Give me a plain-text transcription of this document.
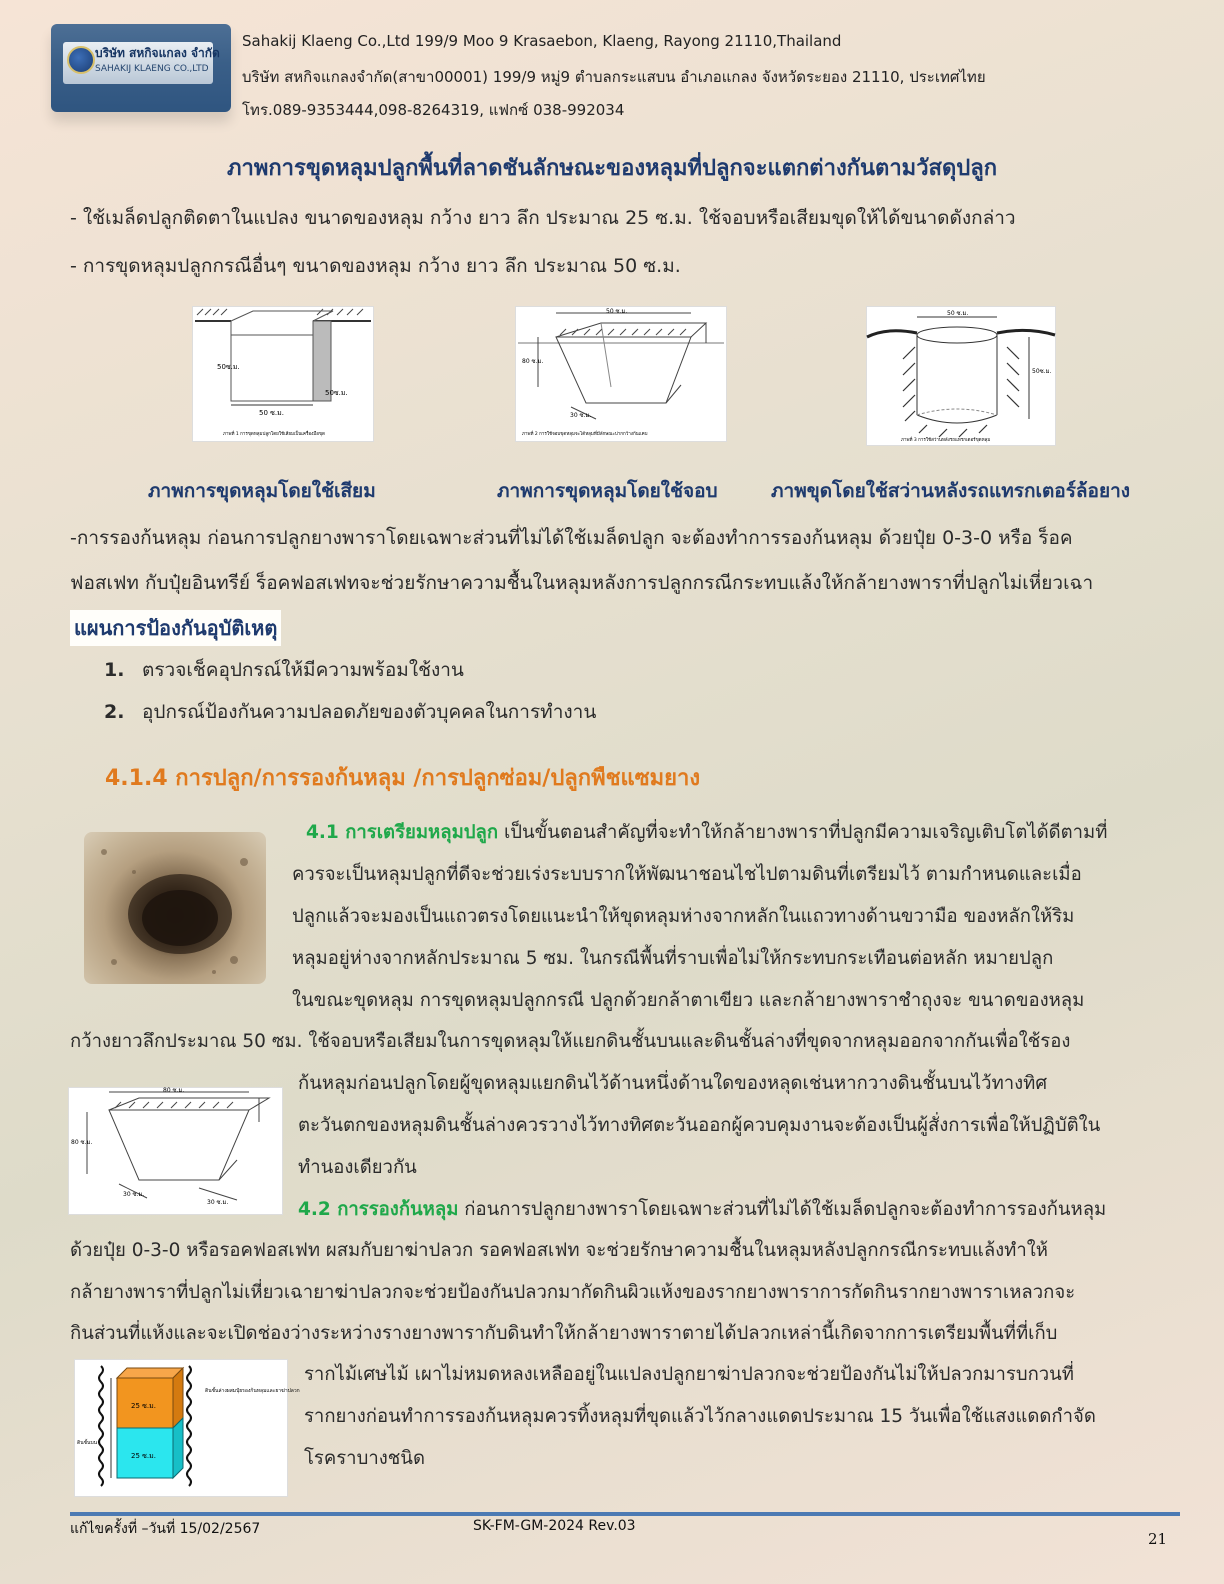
บริษัท สหกิจแกลง จำกัด
SAHAKIJ KLAENG CO.,LTD
Sahakij Klaeng Co.,Ltd 199/9 Moo 9 Krasaebon, Klaeng, Rayong 21110,Thailand
บริษัท สหกิจแกลงจำกัด(สาขา00001) 199/9 หมู่9 ตำบลกระแสบน อำเภอแกลง จังหวัดระยอง 21110, ประเทศไทย
โทร.089-9353444,098-8264319, แฟกซ์ 038-992034
ภาพการขุดหลุมปลูกพื้นที่ลาดชันลักษณะของหลุมที่ปลูกจะแตกต่างกันตามวัสดุปลูก
- ใช้เมล็ดปลูกติดตาในแปลง ขนาดของหลุม กว้าง ยาว ลึก ประมาณ 25 ซ.ม. ใช้จอบหรือเสียมขุดให้ได้ขนาดดังกล่าว
- การขุดหลุมปลูกกรณีอื่นๆ ขนาดของหลุม กว้าง ยาว ลึก ประมาณ 50 ซ.ม.
50ซ.ม.
50 ซ.ม.
50ซ.ม.
ภาพที่ 1 การขุดหลุมปลูกโดยใช้เสียมเป็นเครื่องมือขุด
50 ซ.ม.
80 ซ.ม.
30 ซ.ม.
ภาพที่ 2 การใช้จอบขุดหลุมจะได้หลุมที่มีลักษณะปากกว้างก้นแคบ
50 ซ.ม.
50ซ.ม.
ภาพที่ 3 การใช้สว่านหลังรถแทรกเตอร์ขุดหลุม
ภาพการขุดหลุมโดยใช้เสียม	ภาพการขุดหลุมโดยใช้จอบ	ภาพขุดโดยใช้สว่านหลังรถแทรกเตอร์ล้อยาง
-การรองก้นหลุม ก่อนการปลูกยางพาราโดยเฉพาะส่วนที่ไม่ได้ใช้เมล็ดปลูก จะต้องทำการรองก้นหลุม ด้วยปุ๋ย 0-3-0 หรือ ร็อค
ฟอสเฟท กับปุ๋ยอินทรีย์ ร็อคฟอสเฟทจะช่วยรักษาความชื้นในหลุมหลังการปลูกกรณีกระทบแล้งให้กล้ายางพาราที่ปลูกไม่เหี่ยวเฉา
แผนการป้องกันอุบัติเหตุ
1. ตรวจเช็คอุปกรณ์ให้มีความพร้อมใช้งาน
2. อุปกรณ์ป้องกันความปลอดภัยของตัวบุคคลในการทำงาน
4.1.4 การปลูก/การรองก้นหลุม /การปลูกซ่อม/ปลูกพืชแซมยาง
4.1 การเตรียมหลุมปลูก เป็นขั้นตอนสำคัญที่จะทำให้กล้ายางพาราที่ปลูกมีความเจริญเติบโตได้ดีตามที่
ควรจะเป็นหลุมปลูกที่ดีจะช่วยเร่งระบบรากให้พัฒนาชอนไชไปตามดินที่เตรียมไว้ ตามกำหนดและเมื่อ
ปลูกแล้วจะมองเป็นแถวตรงโดยแนะนำให้ขุดหลุมห่างจากหลักในแถวทางด้านขวามือ ของหลักให้ริม
หลุมอยู่ห่างจากหลักประมาณ 5 ซม. ในกรณีพื้นที่ราบเพื่อไม่ให้กระทบกระเทือนต่อหลัก หมายปลูก
ในขณะขุดหลุม การขุดหลุมปลูกกรณี ปลูกด้วยกล้าตาเขียว และกล้ายางพาราชำถุงจะ ขนาดของหลุม
กว้างยาวลึกประมาณ 50 ซม. ใช้จอบหรือเสียมในการขุดหลุมให้แยกดินชั้นบนและดินชั้นล่างที่ขุดจากหลุมออกจากกันเพื่อใช้รอง
80 ซ.ม.
80 ซ.ม.
30 ซ.ม.
30 ซ.ม.
ก้นหลุมก่อนปลูกโดยผู้ขุดหลุมแยกดินไว้ด้านหนึ่งด้านใดของหลุดเช่นหากวางดินชั้นบนไว้ทางทิศ
ตะวันตกของหลุมดินชั้นล่างควรวางไว้ทางทิศตะวันออกผู้ควบคุมงานจะต้องเป็นผู้สั่งการเพื่อให้ปฏิบัติใน
ทำนองเดียวกัน
4.2 การรองก้นหลุม ก่อนการปลูกยางพาราโดยเฉพาะส่วนที่ไม่ได้ใช้เมล็ดปลูกจะต้องทำการรองก้นหลุม
ด้วยปุ๋ย 0-3-0 หรือรอคฟอสเฟท ผสมกับยาฆ่าปลวก รอคฟอสเฟท จะช่วยรักษาความชื้นในหลุมหลังปลูกกรณีกระทบแล้งทำให้
กล้ายางพาราที่ปลูกไม่เหี่ยวเฉายาฆ่าปลวกจะช่วยป้องกันปลวกมากัดกินผิวแห้งของรากยางพาราการกัดกินรากยางพาราเหลวกจะ
กินส่วนที่แห้งและจะเปิดช่องว่างระหว่างรางยางพารากับดินทำให้กล้ายางพาราตายได้ปลวกเหล่านี้เกิดจากการเตรียมพื้นที่ที่เก็บ
25 ซ.ม.
25 ซ.ม.
ดินชั้นล่างผสมปุ๋ยรองก้นหลุมและยาฆ่าปลวก
ดินชั้นบน
รากไม้เศษไม้ เผาไม่หมดหลงเหลืออยู่ในแปลงปลูกยาฆ่าปลวกจะช่วยป้องกันไม่ให้ปลวกมารบกวนที่
รากยางก่อนทำการรองก้นหลุมควรทิ้งหลุมที่ขุดแล้วไว้กลางแดดประมาณ 15 วันเพื่อใช้แสงแดดกำจัด
โรคราบางชนิด
แก้ไขครั้งที่ –วันที่ 15/02/2567	SK-FM-GM-2024 Rev.03
21
